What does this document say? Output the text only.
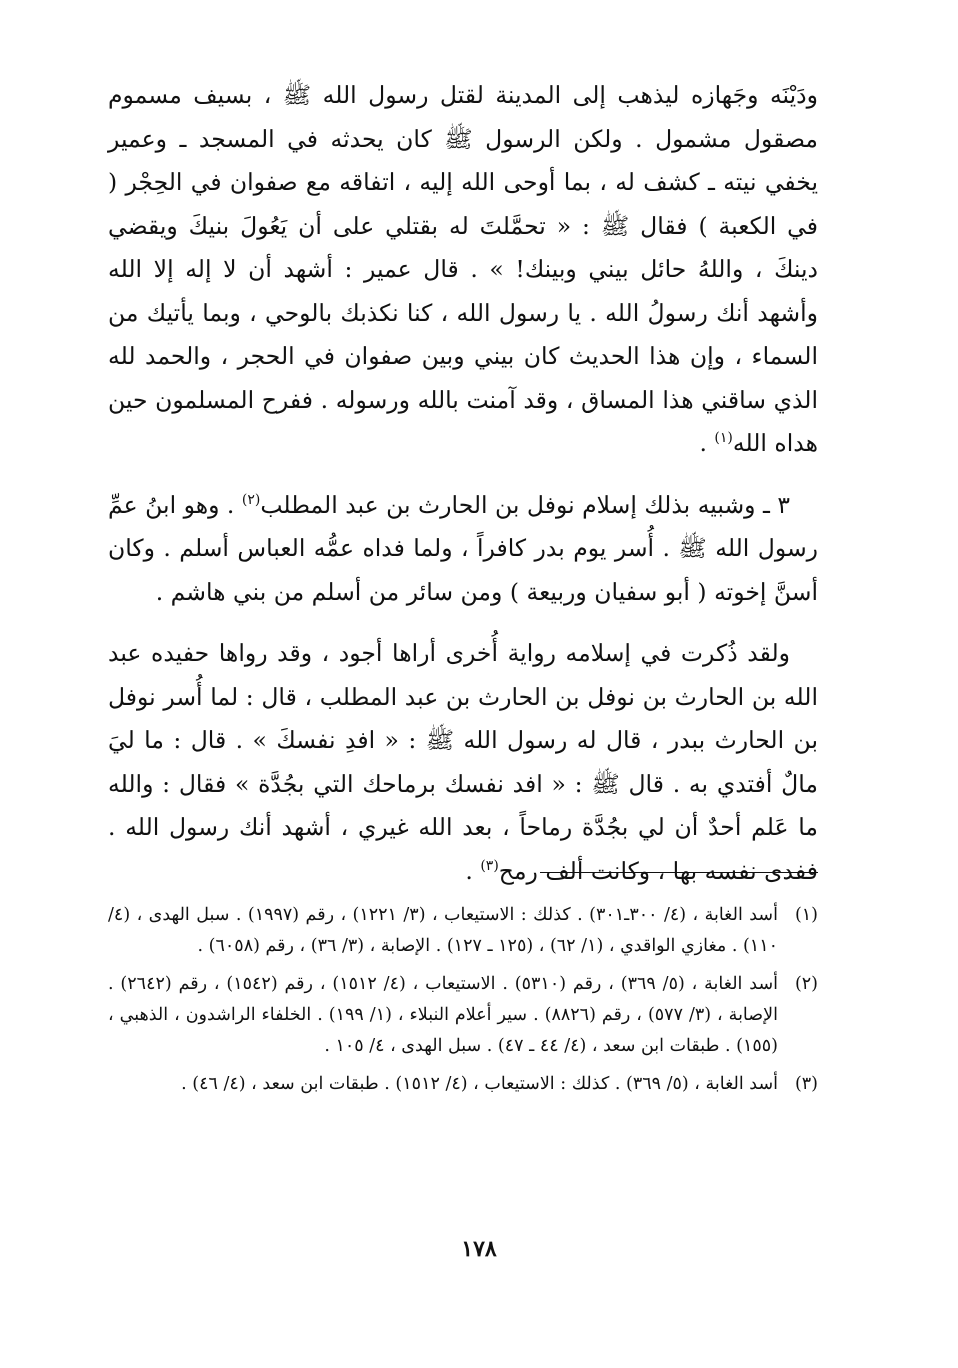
ودَيْنَه وجَهازه ليذهب إلى المدينة لقتل رسول الله ﷺ ، بسيف مسموم مصقول مشمول . ولكن الرسول ﷺ كان يحدثه في المسجد ـ وعمير يخفي نيته ـ كشف له ، بما أوحى الله إليه ، اتفاقه مع صفوان في الحِجْر ( في الكعبة ) فقال ﷺ : « تحمَّلتَ له بقتلي على أن يَعُولَ بنيكَ ويقضي دينكَ ، واللهُ حائل بيني وبينك! » . قال عمير : أشهد أن لا إله إلا الله وأشهد أنك رسولُ الله . يا رسول الله ، كنا نكذبك بالوحي ، وبما يأتيك من السماء ، وإن هذا الحديث كان بيني وبين صفوان في الحجر ، والحمد لله الذي ساقني هذا المساق ، وقد آمنت بالله ورسوله . ففرح المسلمون حين هداه الله$^{(١)}$ .

٣ ـ وشبيه بذلك إسلام نوفل بن الحارث بن عبد المطلب$^{(٢)}$ . وهو ابنُ عمِّ رسول الله ﷺ . أُسر يوم بدر كافراً ، ولما فداه عمُّه العباس أسلم . وكان أسنَّ إخوته ( أبو سفيان وربيعة ) ومن سائر من أسلم من بني هاشم .

ولقد ذُكرت في إسلامه رواية أُخرى أراها أجود ، وقد رواها حفيده عبد الله بن الحارث بن نوفل بن الحارث بن عبد المطلب ، قال : لما أُسر نوفل بن الحارث ببدر ، قال له رسول الله ﷺ : « افدِ نفسكَ » . قال : ما ليَ مالٌ أفتدي به . قال ﷺ : « افد نفسك برماحك التي بجُدَّة » فقال : والله ما عَلم أحدٌ أن لي بجُدَّة رماحاً ، بعد الله غيري ، أشهد أنك رسول الله . ففدى نفسه بها ، وكانت ألف رمح$^{(٣)}$ .

(١)
أسد الغابة ، (٤/ ٣٠٠ـ٣٠١) . كذلك : الاستيعاب ، (٣/ ١٢٢١) ، رقم (١٩٩٧) . سبل الهدى ، (٤/ ١١٠) . مغازي الواقدي ، (١/ ٦٢) ، (١٢٥ ـ ١٢٧) . الإصابة ، (٣/ ٣٦) ، رقم (٦٠٥٨) .
(٢)
أسد الغابة ، (٥/ ٣٦٩) ، رقم (٥٣١٠) . الاستيعاب ، (٤/ ١٥١٢) ، رقم (١٥٤٢) ، رقم (٢٦٤٢) . الإصابة ، (٣/ ٥٧٧) ، رقم (٨٨٢٦) . سير أعلام النبلاء ، (١/ ١٩٩) . الخلفاء الراشدون ، الذهبي ، (١٥٥) . طبقات ابن سعد ، (٤/ ٤٤ ـ ٤٧) . سبل الهدى ، ٤/ ١٠٥ .
(٣)
أسد الغابة ، (٥/ ٣٦٩) . كذلك : الاستيعاب ، (٤/ ١٥١٢) . طبقات ابن سعد ، (٤/ ٤٦) .
١٧٨
